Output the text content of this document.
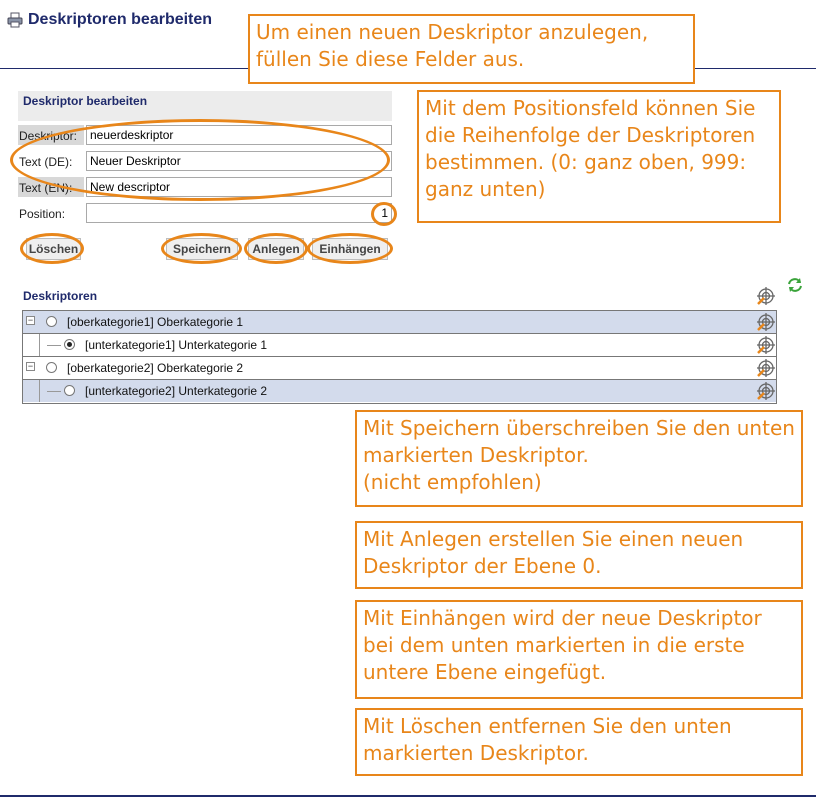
Deskriptoren bearbeiten
Deskriptor bearbeiten
Deskriptor:
neuerdeskriptor
Text (DE):
Neuer Deskriptor
Text (EN):
New descriptor
Position:
1
Löschen	Speichern	Anlegen	Einhängen
Um einen neuen Deskriptor anzulegen, füllen Sie diese Felder aus.
Mit dem Positionsfeld können Sie die Reihenfolge der Deskriptoren bestimmen. (0: ganz oben, 999: ganz unten)
Deskriptoren
−	[oberkategorie1] Oberkategorie 1
[unterkategorie1] Unterkategorie 1
−	[oberkategorie2] Oberkategorie 2
[unterkategorie2] Unterkategorie 2
Mit Speichern überschreiben Sie den unten markierten Deskriptor.
(nicht empfohlen)
Mit Anlegen erstellen Sie einen neuen Deskriptor der Ebene 0.
Mit Einhängen wird der neue Deskriptor bei dem unten markierten in die erste untere Ebene eingefügt.
Mit Löschen entfernen Sie den unten markierten Deskriptor.
